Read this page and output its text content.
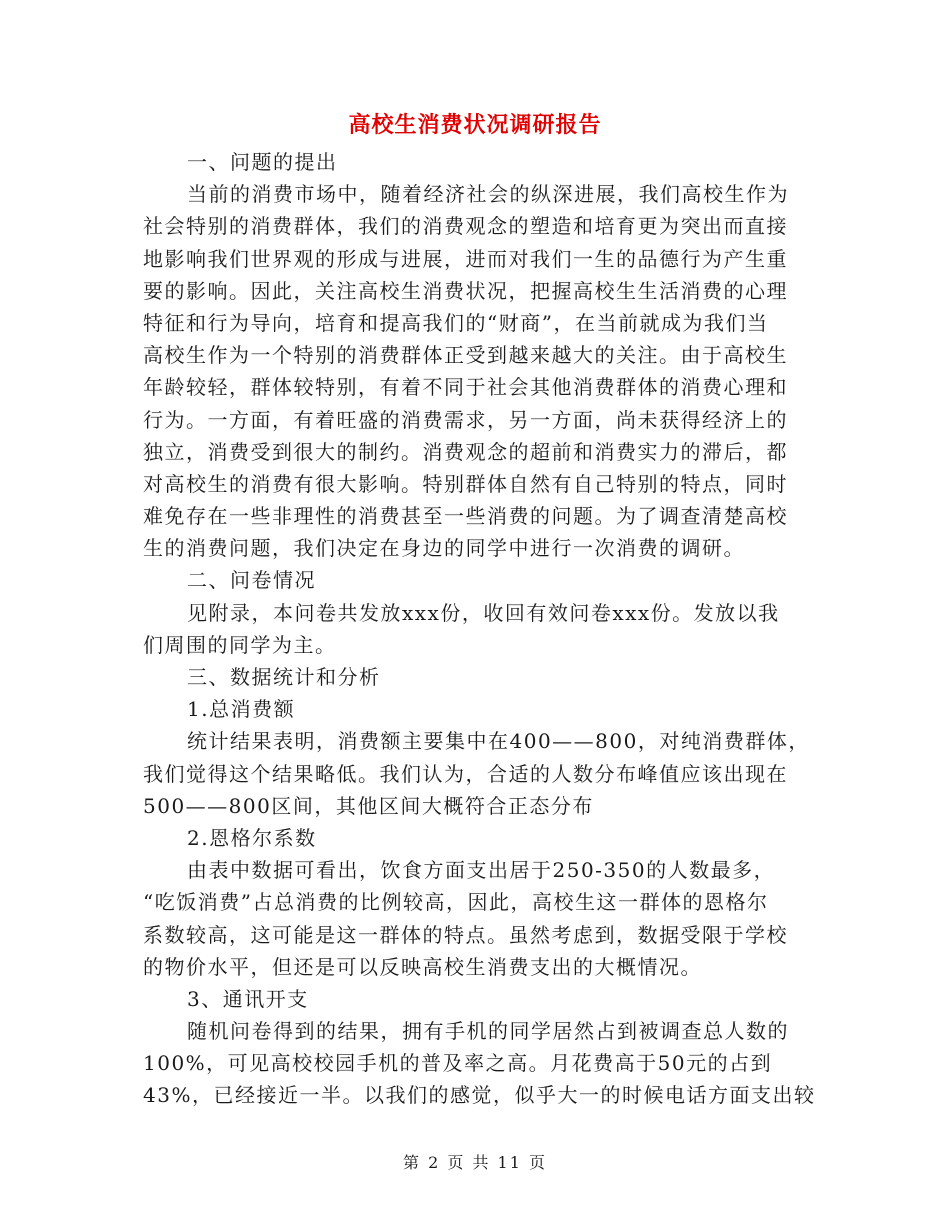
高校生消费状况调研报告
一、问题的提出
当前的消费市场中，随着经济社会的纵深进展，我们高校生作为
社会特别的消费群体，我们的消费观念的塑造和培育更为突出而直接
地影响我们世界观的形成与进展，进而对我们一生的品德行为产生重
要的影响。因此，关注高校生消费状况，把握高校生生活消费的心理
特征和行为导向，培育和提高我们的“财商”，在当前就成为我们当
高校生作为一个特别的消费群体正受到越来越大的关注。由于高校生
年龄较轻，群体较特别，有着不同于社会其他消费群体的消费心理和
行为。一方面，有着旺盛的消费需求，另一方面，尚未获得经济上的
独立，消费受到很大的制约。消费观念的超前和消费实力的滞后，都
对高校生的消费有很大影响。特别群体自然有自己特别的特点，同时
难免存在一些非理性的消费甚至一些消费的问题。为了调查清楚高校
生的消费问题，我们决定在身边的同学中进行一次消费的调研。
二、问卷情况
见附录，本问卷共发放xxx份，收回有效问卷xxx份。发放以我
们周围的同学为主。
三、数据统计和分析
1.总消费额
统计结果表明，消费额主要集中在400——800，对纯消费群体，
我们觉得这个结果略低。我们认为，合适的人数分布峰值应该出现在
500——800区间，其他区间大概符合正态分布
2.恩格尔系数
由表中数据可看出，饮食方面支出居于250-350的人数最多，
“吃饭消费”占总消费的比例较高，因此，高校生这一群体的恩格尔
系数较高，这可能是这一群体的特点。虽然考虑到，数据受限于学校
的物价水平，但还是可以反映高校生消费支出的大概情况。
3、通讯开支
随机问卷得到的结果，拥有手机的同学居然占到被调查总人数的
100%，可见高校校园手机的普及率之高。月花费高于50元的占到
43%，已经接近一半。以我们的感觉，似乎大一的时候电话方面支出较
第 2 页 共 11 页
